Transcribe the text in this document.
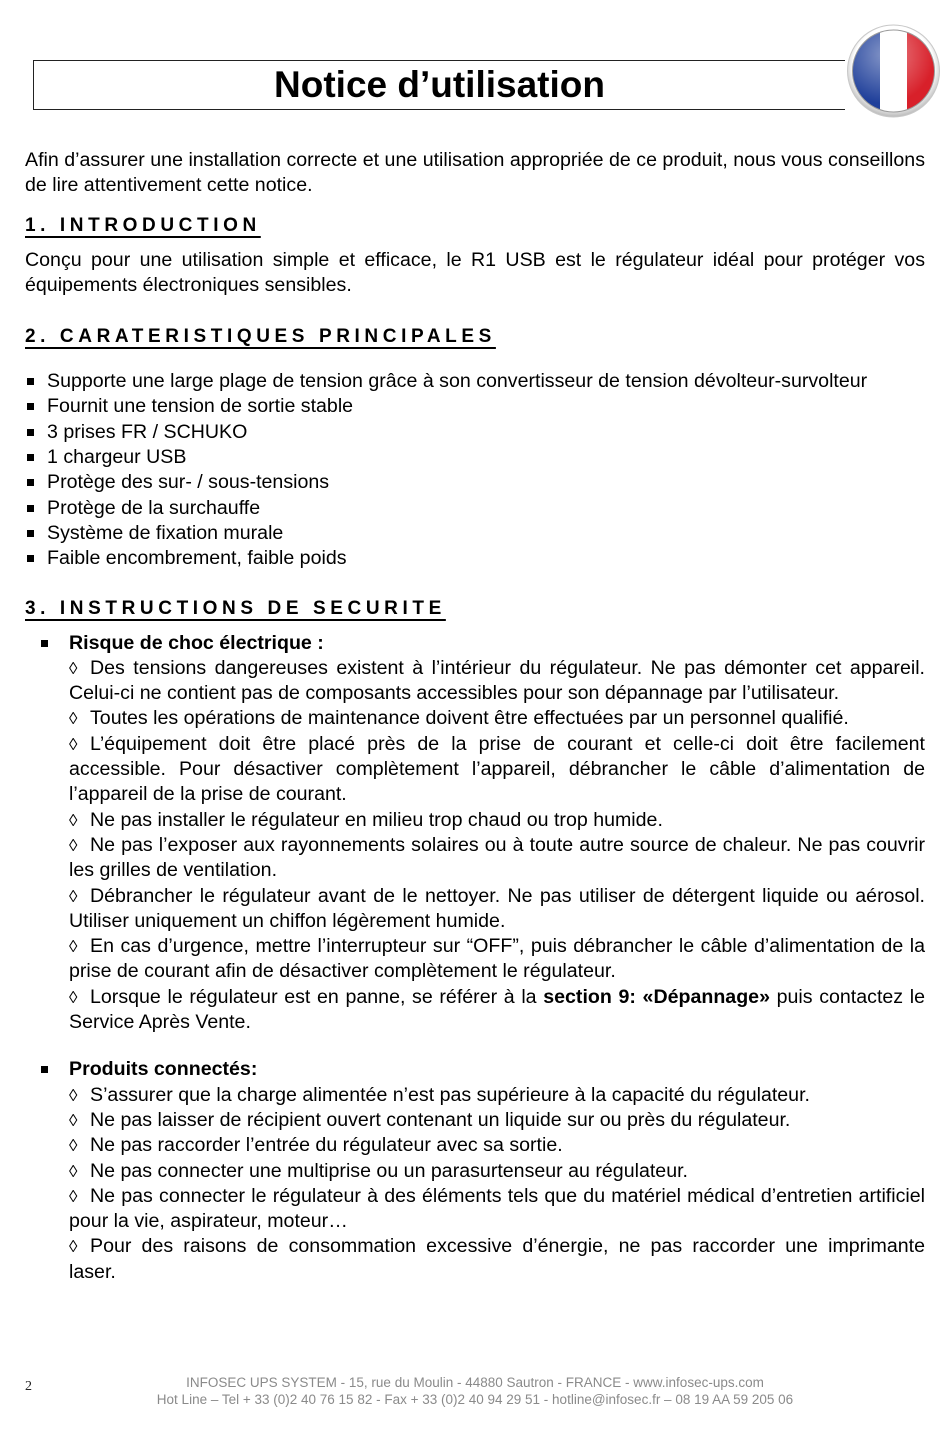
Notice d’utilisation

Afin d’assurer une installation correcte et une utilisation appropriée de ce produit, nous vous conseillons de lire attentivement cette notice.

1. INTRODUCTION

Conçu pour une utilisation simple et efficace, le R1 USB est le régulateur idéal pour protéger vos équipements électroniques sensibles.

2. CARATERISTIQUES PRINCIPALES
Supporte une large plage de tension grâce à son convertisseur de tension dévolteur-survolteur
Fournit une tension de sortie stable
3 prises FR / SCHUKO
1 chargeur USB
Protège des sur- / sous-tensions
Protège de la surchauffe
Système de fixation murale
Faible encombrement, faible poids
3. INSTRUCTIONS DE SECURITE
Risque de choc électrique :

◊ Des tensions dangereuses existent à l’intérieur du régulateur. Ne pas démonter cet appareil. Celui-ci ne contient pas de composants accessibles pour son dépannage par l’utilisateur.

◊ Toutes les opérations de maintenance doivent être effectuées par un personnel qualifié.

◊ L’équipement doit être placé près de la prise de courant et celle-ci doit être facilement accessible. Pour désactiver complètement l’appareil, débrancher le câble d’alimentation de l’appareil de la prise de courant.

◊ Ne pas installer le régulateur en milieu trop chaud ou trop humide.

◊ Ne pas l’exposer aux rayonnements solaires ou à toute autre source de chaleur. Ne pas couvrir les grilles de ventilation.

◊ Débrancher le régulateur avant de le nettoyer. Ne pas utiliser de détergent liquide ou aérosol. Utiliser uniquement un chiffon légèrement humide.

◊ En cas d’urgence, mettre l’interrupteur sur “OFF”, puis débrancher le câble d’alimentation de la prise de courant afin de désactiver complètement le régulateur.

◊ Lorsque le régulateur est en panne, se référer à la section 9: «Dépannage» puis contactez le Service Après Vente.

Produits connectés:

◊ S’assurer que la charge alimentée n’est pas supérieure à la capacité du régulateur.

◊ Ne pas laisser de récipient ouvert contenant un liquide sur ou près du régulateur.

◊ Ne pas raccorder l’entrée du régulateur avec sa sortie.

◊ Ne pas connecter une multiprise ou un parasurtenseur au régulateur.

◊ Ne pas connecter le régulateur à des éléments tels que du matériel médical d’entretien artificiel pour la vie, aspirateur, moteur…

◊ Pour des raisons de consommation excessive d’énergie, ne pas raccorder une imprimante laser.

2	INFOSEC UPS SYSTEM - 15, rue du Moulin - 44880 Sautron - FRANCE - www.infosec-ups.com
Hot Line – Tel + 33 (0)2 40 76 15 82 - Fax + 33 (0)2 40 94 29 51 - hotline@infosec.fr – 08 19 AA 59 205 06
